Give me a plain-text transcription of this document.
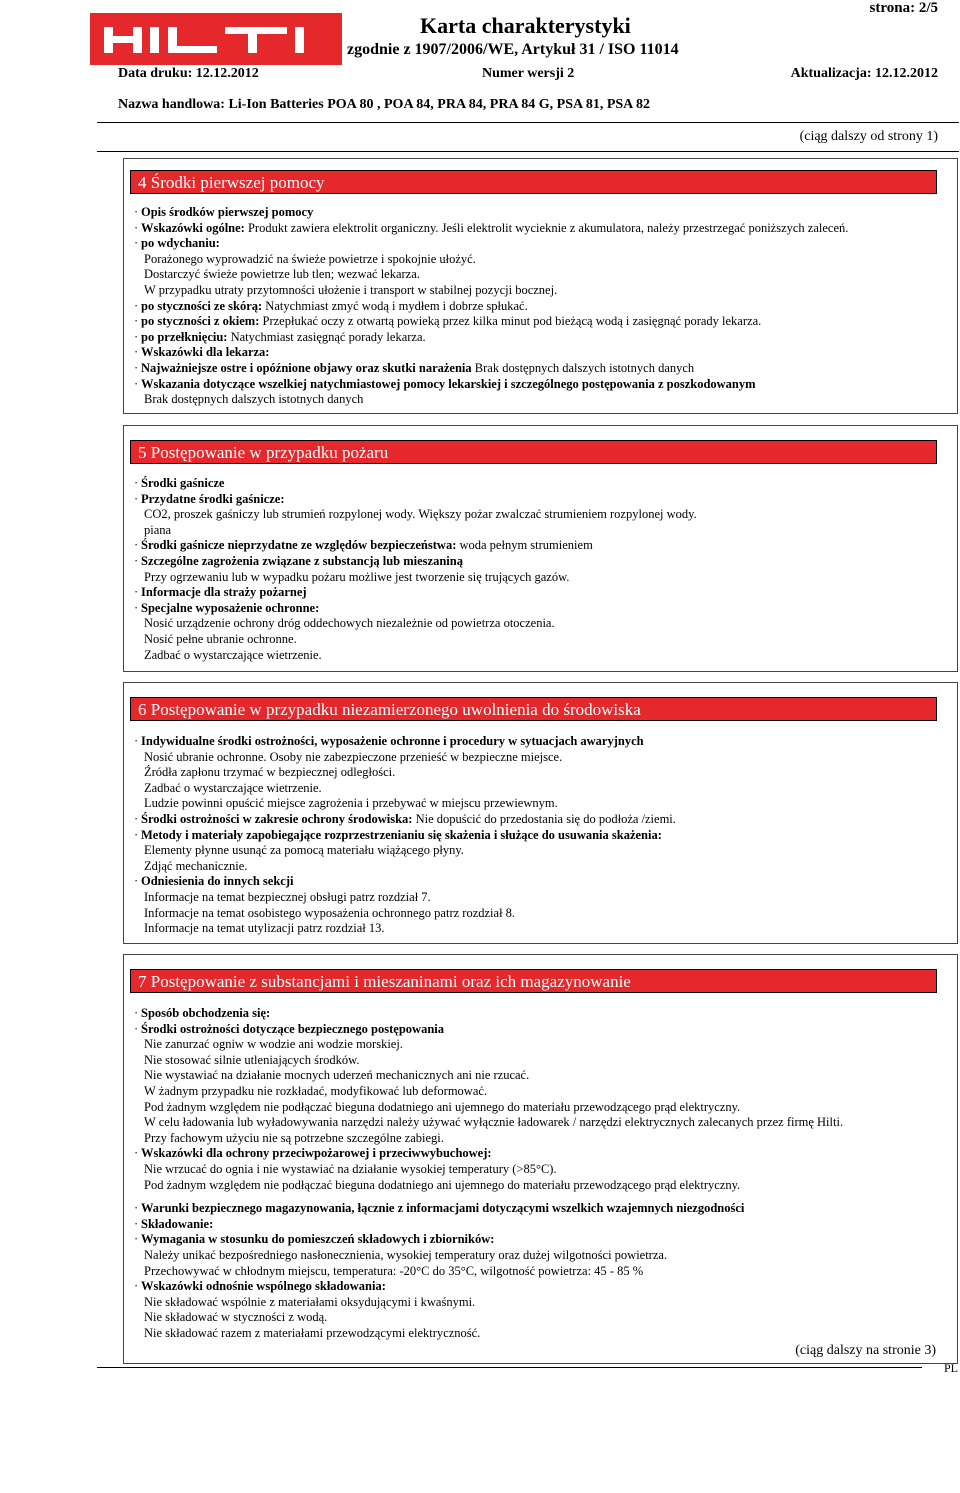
Karta charakterystyki
zgodnie z 1907/2006/WE, Artykuł 31 / ISO 11014
strona: 2/5
Data druku: 12.12.2012	Numer wersji 2	Aktualizacja: 12.12.2012
Nazwa handlowa: Li-Ion Batteries POA 80 , POA 84, PRA 84, PRA 84 G, PSA 81, PSA 82
(ciąg dalszy od strony 1)
4 Środki pierwszej pomocy
· Opis środków pierwszej pomocy
· Wskazówki ogólne: Produkt zawiera elektrolit organiczny. Jeśli elektrolit wycieknie z akumulatora, należy przestrzegać poniższych zaleceń.
· po wdychaniu:
Porażonego wyprowadzić na świeże powietrze i spokojnie ułożyć.
Dostarczyć świeże powietrze lub tlen; wezwać lekarza.
W przypadku utraty przytomności ułożenie i transport w stabilnej pozycji bocznej.
· po styczności ze skórą: Natychmiast zmyć wodą i mydłem i dobrze spłukać.
· po styczności z okiem: Przepłukać oczy z otwartą powieką przez kilka minut pod bieżącą wodą i zasięgnąć porady lekarza.
· po przełknięciu: Natychmiast zasięgnąć porady lekarza.
· Wskazówki dla lekarza:
· Najważniejsze ostre i opóźnione objawy oraz skutki narażenia Brak dostępnych dalszych istotnych danych
· Wskazania dotyczące wszelkiej natychmiastowej pomocy lekarskiej i szczególnego postępowania z poszkodowanym
Brak dostępnych dalszych istotnych danych
5 Postępowanie w przypadku pożaru
· Środki gaśnicze
· Przydatne środki gaśnicze:
CO2, proszek gaśniczy lub strumień rozpylonej wody. Większy pożar zwalczać strumieniem rozpylonej wody.
piana
· Środki gaśnicze nieprzydatne ze względów bezpieczeństwa: woda pełnym strumieniem
· Szczególne zagrożenia związane z substancją lub mieszaniną
Przy ogrzewaniu lub w wypadku pożaru możliwe jest tworzenie się trujących gazów.
· Informacje dla straży pożarnej
· Specjalne wyposażenie ochronne:
Nosić urządzenie ochrony dróg oddechowych niezależnie od powietrza otoczenia.
Nosić pełne ubranie ochronne.
Zadbać o wystarczające wietrzenie.
6 Postępowanie w przypadku niezamierzonego uwolnienia do środowiska
· Indywidualne środki ostrożności, wyposażenie ochronne i procedury w sytuacjach awaryjnych
Nosić ubranie ochronne. Osoby nie zabezpieczone przenieść w bezpieczne miejsce.
Źródła zapłonu trzymać w bezpiecznej odległości.
Zadbać o wystarczające wietrzenie.
Ludzie powinni opuścić miejsce zagrożenia i przebywać w miejscu przewiewnym.
· Środki ostrożności w zakresie ochrony środowiska: Nie dopuścić do przedostania się do podłoża /ziemi.
· Metody i materiały zapobiegające rozprzestrzenianiu się skażenia i służące do usuwania skażenia:
Elementy płynne usunąć za pomocą materiału wiążącego płyny.
Zdjąć mechanicznie.
· Odniesienia do innych sekcji
Informacje na temat bezpiecznej obsługi patrz rozdział 7.
Informacje na temat osobistego wyposażenia ochronnego patrz rozdział 8.
Informacje na temat utylizacji patrz rozdział 13.
7 Postępowanie z substancjami i mieszaninami oraz ich magazynowanie
· Sposób obchodzenia się:
· Środki ostrożności dotyczące bezpiecznego postępowania
Nie zanurzać ogniw w wodzie ani wodzie morskiej.
Nie stosować silnie utleniających środków.
Nie wystawiać na działanie mocnych uderzeń mechanicznych ani nie rzucać.
W żadnym przypadku nie rozkładać, modyfikować lub deformować.
Pod żadnym względem nie podłączać bieguna dodatniego ani ujemnego do materiału przewodzącego prąd elektryczny.
W celu ładowania lub wyładowywania narzędzi należy używać wyłącznie ładowarek / narzędzi elektrycznych zalecanych przez firmę Hilti.
Przy fachowym użyciu nie są potrzebne szczególne zabiegi.
· Wskazówki dla ochrony przeciwpożarowej i przeciwwybuchowej:
Nie wrzucać do ognia i nie wystawiać na działanie wysokiej temperatury (>85°C).
Pod żadnym względem nie podłączać bieguna dodatniego ani ujemnego do materiału przewodzącego prąd elektryczny.
· Warunki bezpiecznego magazynowania, łącznie z informacjami dotyczącymi wszelkich wzajemnych niezgodności
· Składowanie:
· Wymagania w stosunku do pomieszczeń składowych i zbiorników:
Należy unikać bezpośredniego nasłonecznienia, wysokiej temperatury oraz dużej wilgotności powietrza.
Przechowywać w chłodnym miejscu, temperatura: -20°C do 35°C, wilgotność powietrza: 45 - 85 %
· Wskazówki odnośnie wspólnego składowania:
Nie składować wspólnie z materiałami oksydującymi i kwaśnymi.
Nie składować w styczności z wodą.
Nie składować razem z materiałami przewodzącymi elektryczność.
(ciąg dalszy na stronie 3)
PL
